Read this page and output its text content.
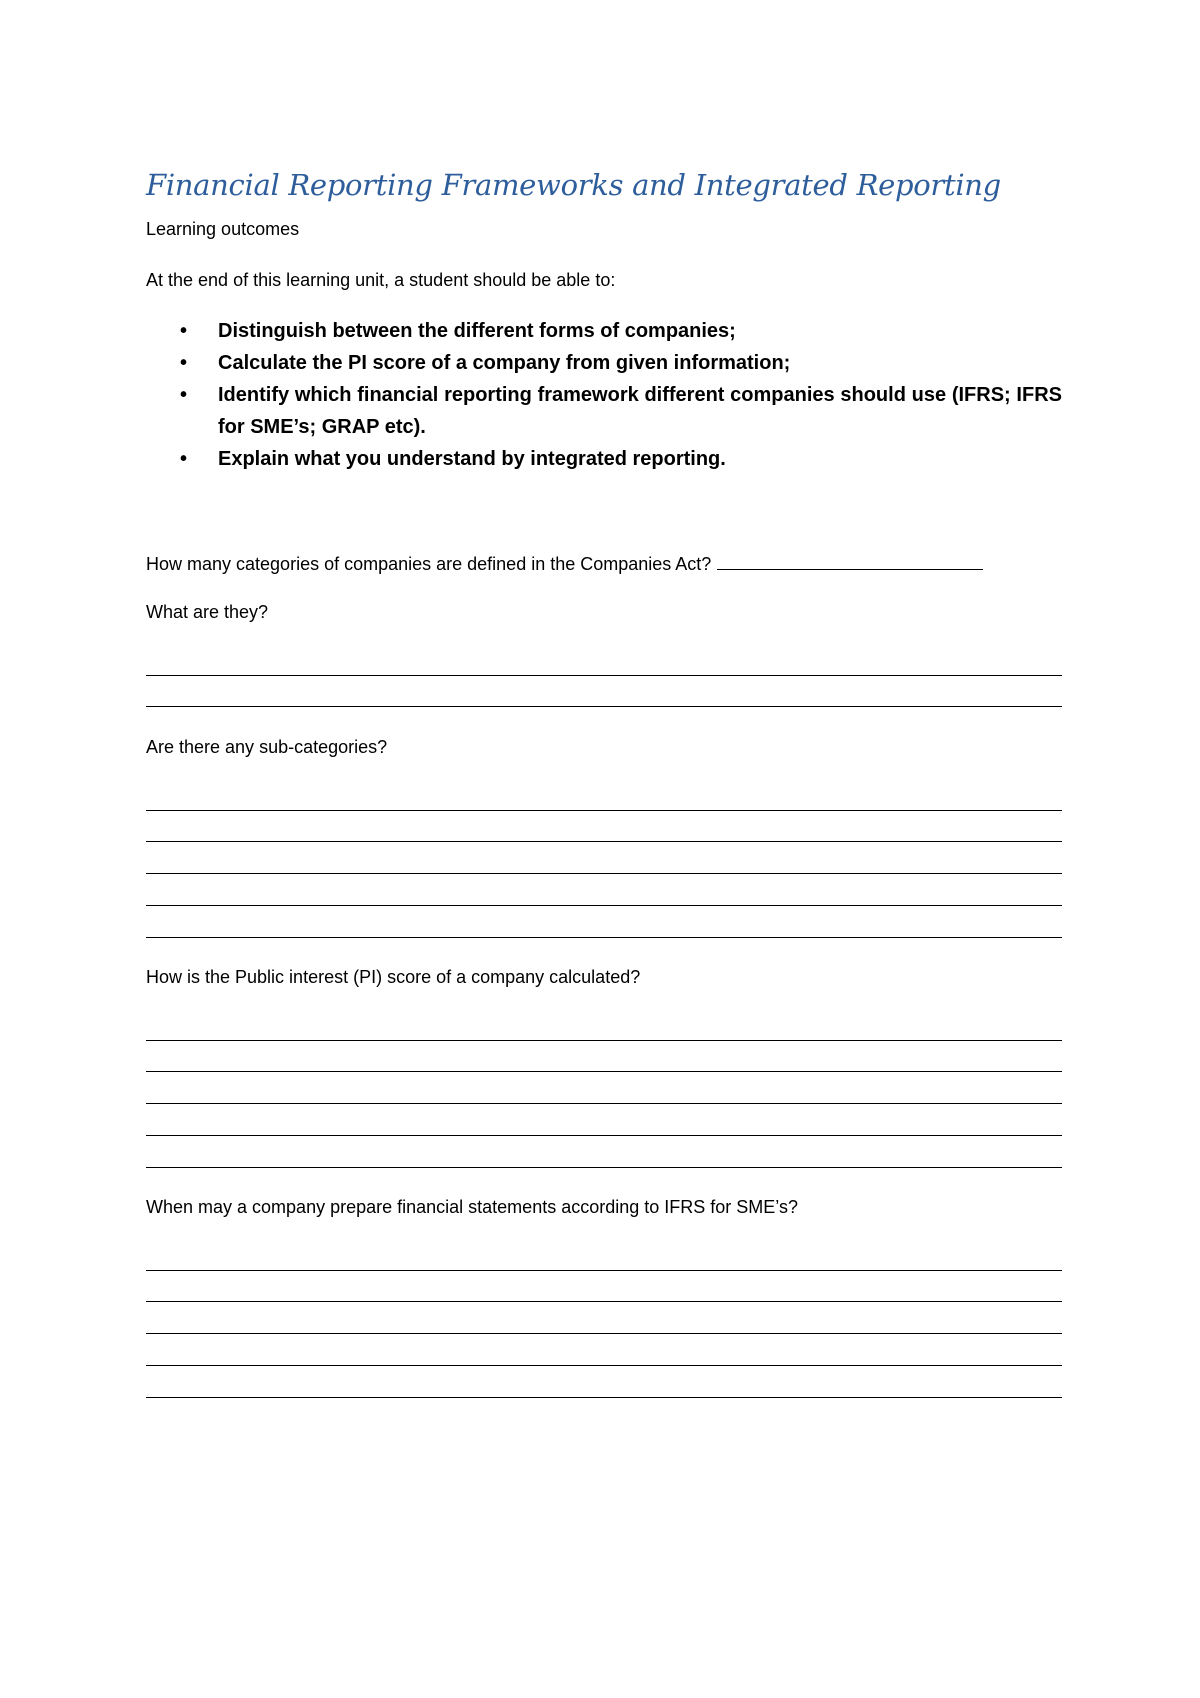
Financial Reporting Frameworks and Integrated Reporting
Learning outcomes
At the end of this learning unit, a student should be able to:
• Distinguish between the different forms of companies;
• Calculate the PI score of a company from given information;
• Identify which financial reporting framework different companies should use (IFRS; IFRS for SME’s; GRAP etc).
• Explain what you understand by integrated reporting.
How many categories of companies are defined in the Companies Act?
What are they?
Are there any sub-categories?
How is the Public interest (PI) score of a company calculated?
When may a company prepare financial statements according to IFRS for SME’s?
